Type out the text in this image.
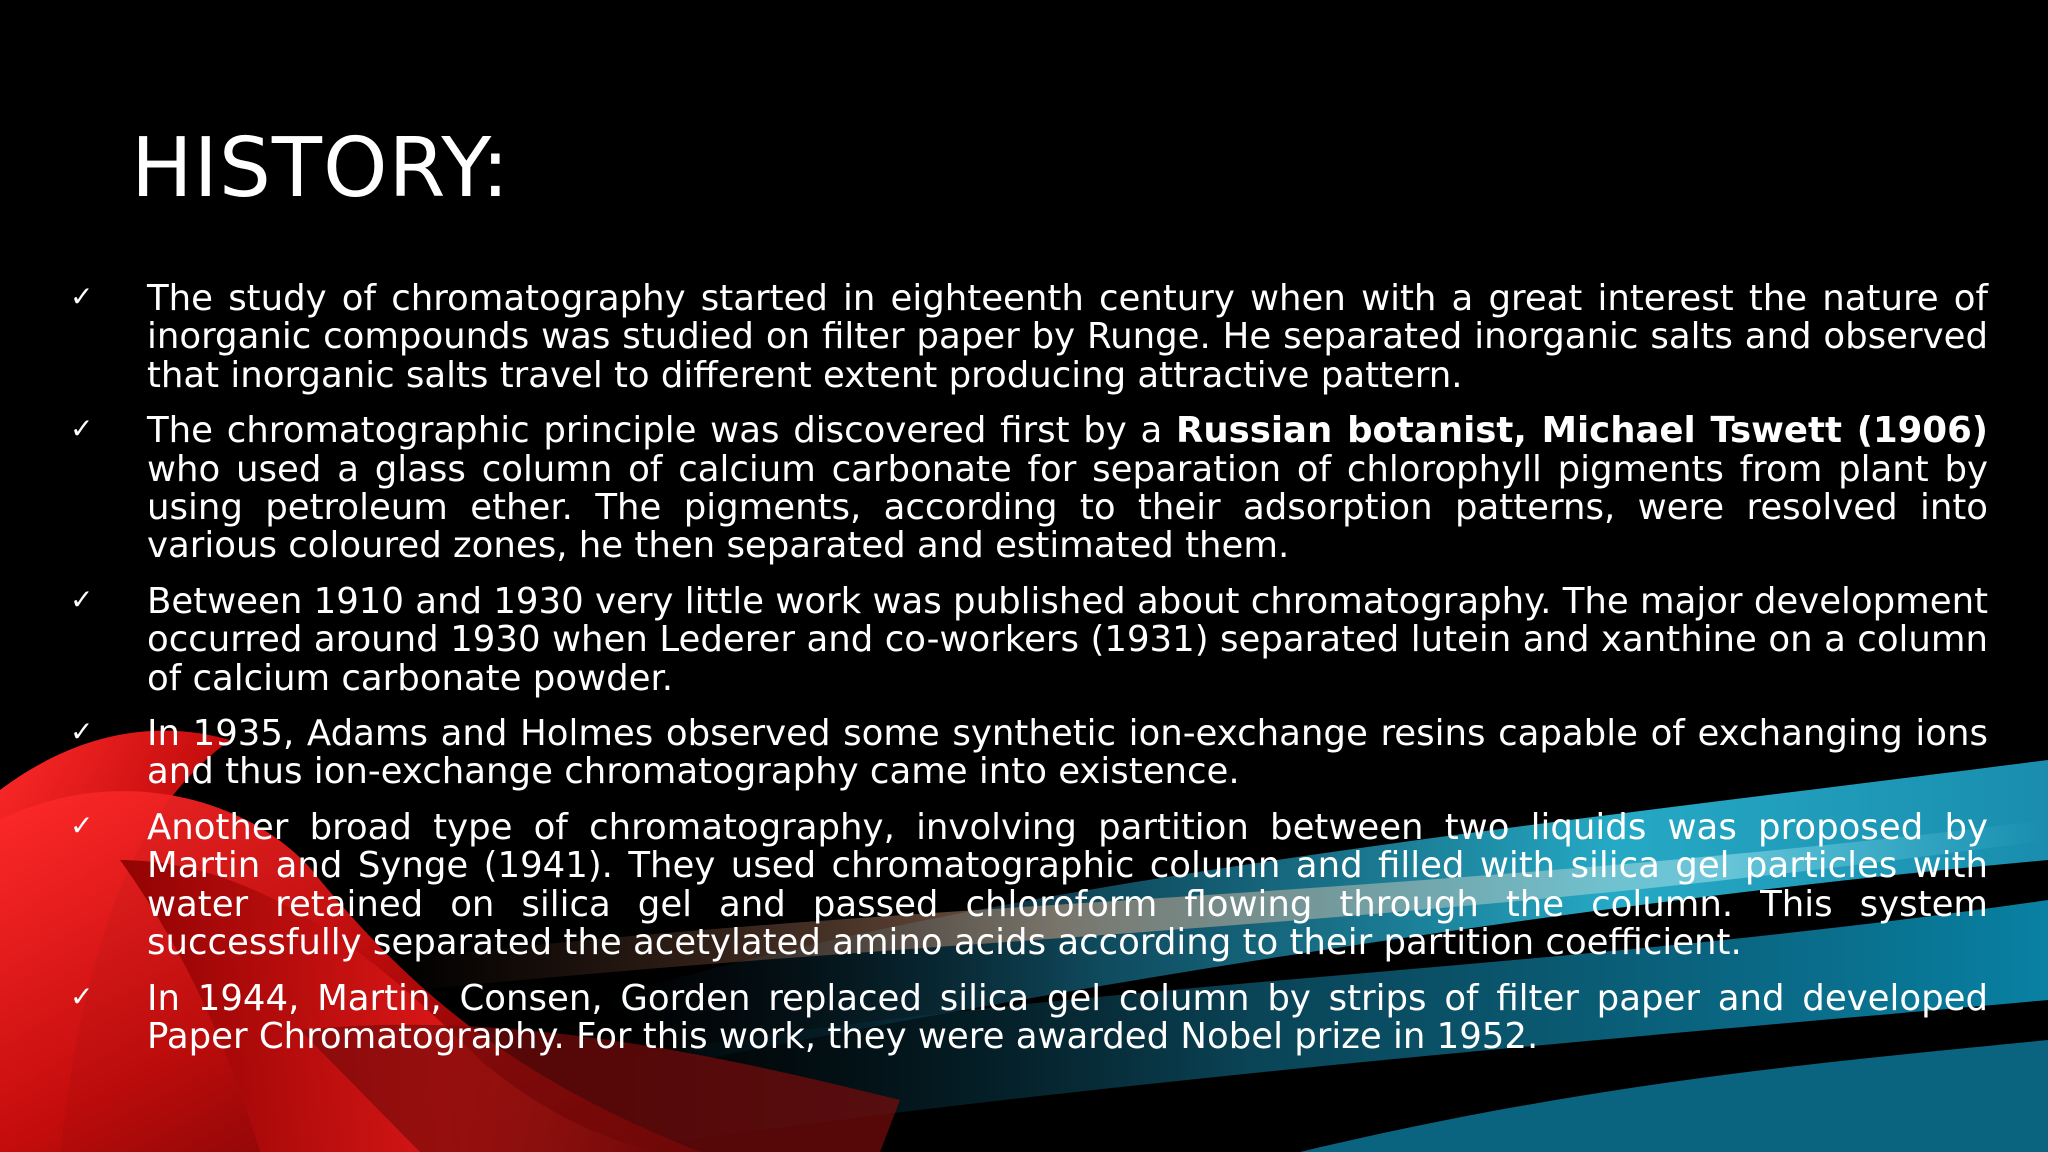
HISTORY:
✓ The study of chromatography started in eighteenth century when with a great interest the nature of inorganic compounds was studied on filter paper by Runge. He separated inorganic salts and observed that inorganic salts travel to different extent producing attractive pattern.
✓ The chromatographic principle was discovered first by a Russian botanist, Michael Tswett (1906) who used a glass column of calcium carbonate for separation of chlorophyll pigments from plant by using petroleum ether. The pigments, according to their adsorption patterns, were resolved into various coloured zones, he then separated and estimated them.
✓ Between 1910 and 1930 very little work was published about chromatography. The major development occurred around 1930 when Lederer and co-workers (1931) separated lutein and xanthine on a column of calcium carbonate powder.
✓ In 1935, Adams and Holmes observed some synthetic ion-exchange resins capable of exchanging ions and thus ion-exchange chromatography came into existence.
✓ Another broad type of chromatography, involving partition between two liquids was proposed by Martin and Synge (1941). They used chromatographic column and filled with silica gel particles with water retained on silica gel and passed chloroform flowing through the column. This system successfully separated the acetylated amino acids according to their partition coefficient.
✓ In 1944, Martin, Consen, Gorden replaced silica gel column by strips of filter paper and developed Paper Chromatography. For this work, they were awarded Nobel prize in 1952.
